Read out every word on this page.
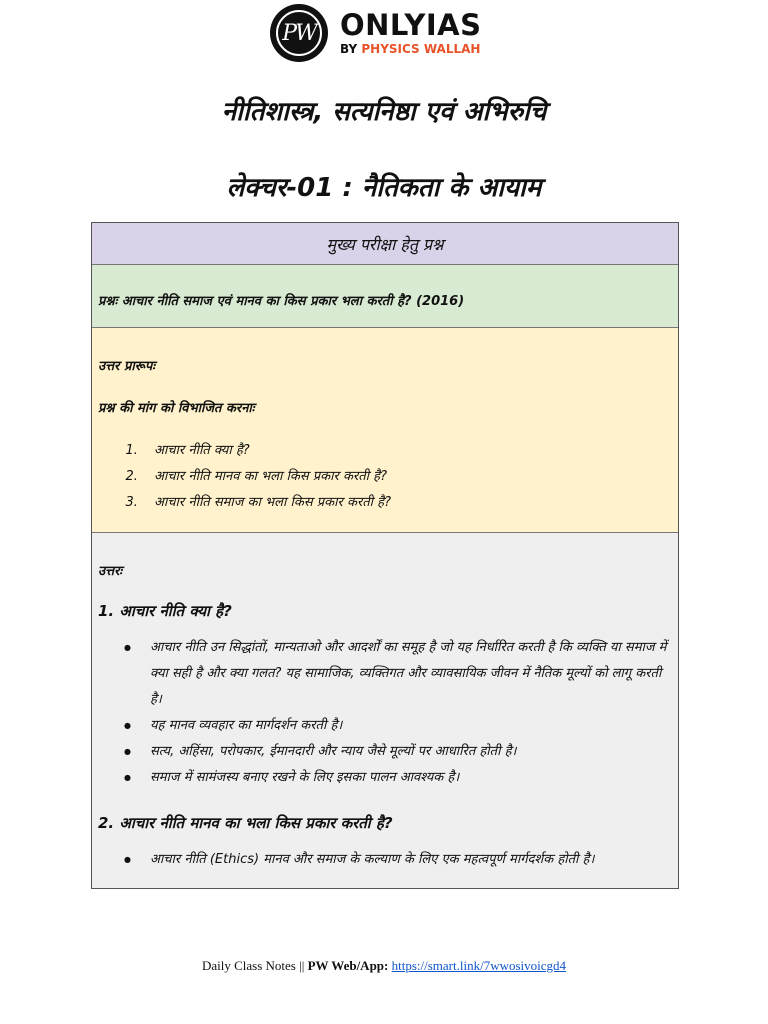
PW ONLYIAS
BY PHYSICS WALLAH
नीतिशास्त्र, सत्यनिष्ठा एवं अभिरुचि
लेक्चर-01 : नैतिकता के आयाम
मुख्य परीक्षा हेतु प्रश्न
प्रश्नः आचार नीति समाज एवं मानव का किस प्रकार भला करती है? (2016)
उत्तर प्रारूपः
प्रश्न की मांग को विभाजित करनाः
1. आचार नीति क्या है?
2. आचार नीति मानव का भला किस प्रकार करती है?
3. आचार नीति समाज का भला किस प्रकार करती है?
उत्तरः
1. आचार नीति क्या है?
● आचार नीति उन सिद्धांतों, मान्यताओ और आदर्शों का समूह है जो यह निर्धारित करती है कि व्यक्ति या समाज में क्या सही है और क्या गलत? यह सामाजिक, व्यक्तिगत और व्यावसायिक जीवन में नैतिक मूल्यों को लागू करती है।
● यह मानव व्यवहार का मार्गदर्शन करती है।
● सत्य, अहिंसा, परोपकार, ईमानदारी और न्याय जैसे मूल्यों पर आधारित होती है।
● समाज में सामंजस्य बनाए रखने के लिए इसका पालन आवश्यक है।
2. आचार नीति मानव का भला किस प्रकार करती है?
● आचार नीति (Ethics) मानव और समाज के कल्याण के लिए एक महत्वपूर्ण मार्गदर्शक होती है।
Daily Class Notes || PW Web/App: https://smart.link/7wwosivoicgd4
